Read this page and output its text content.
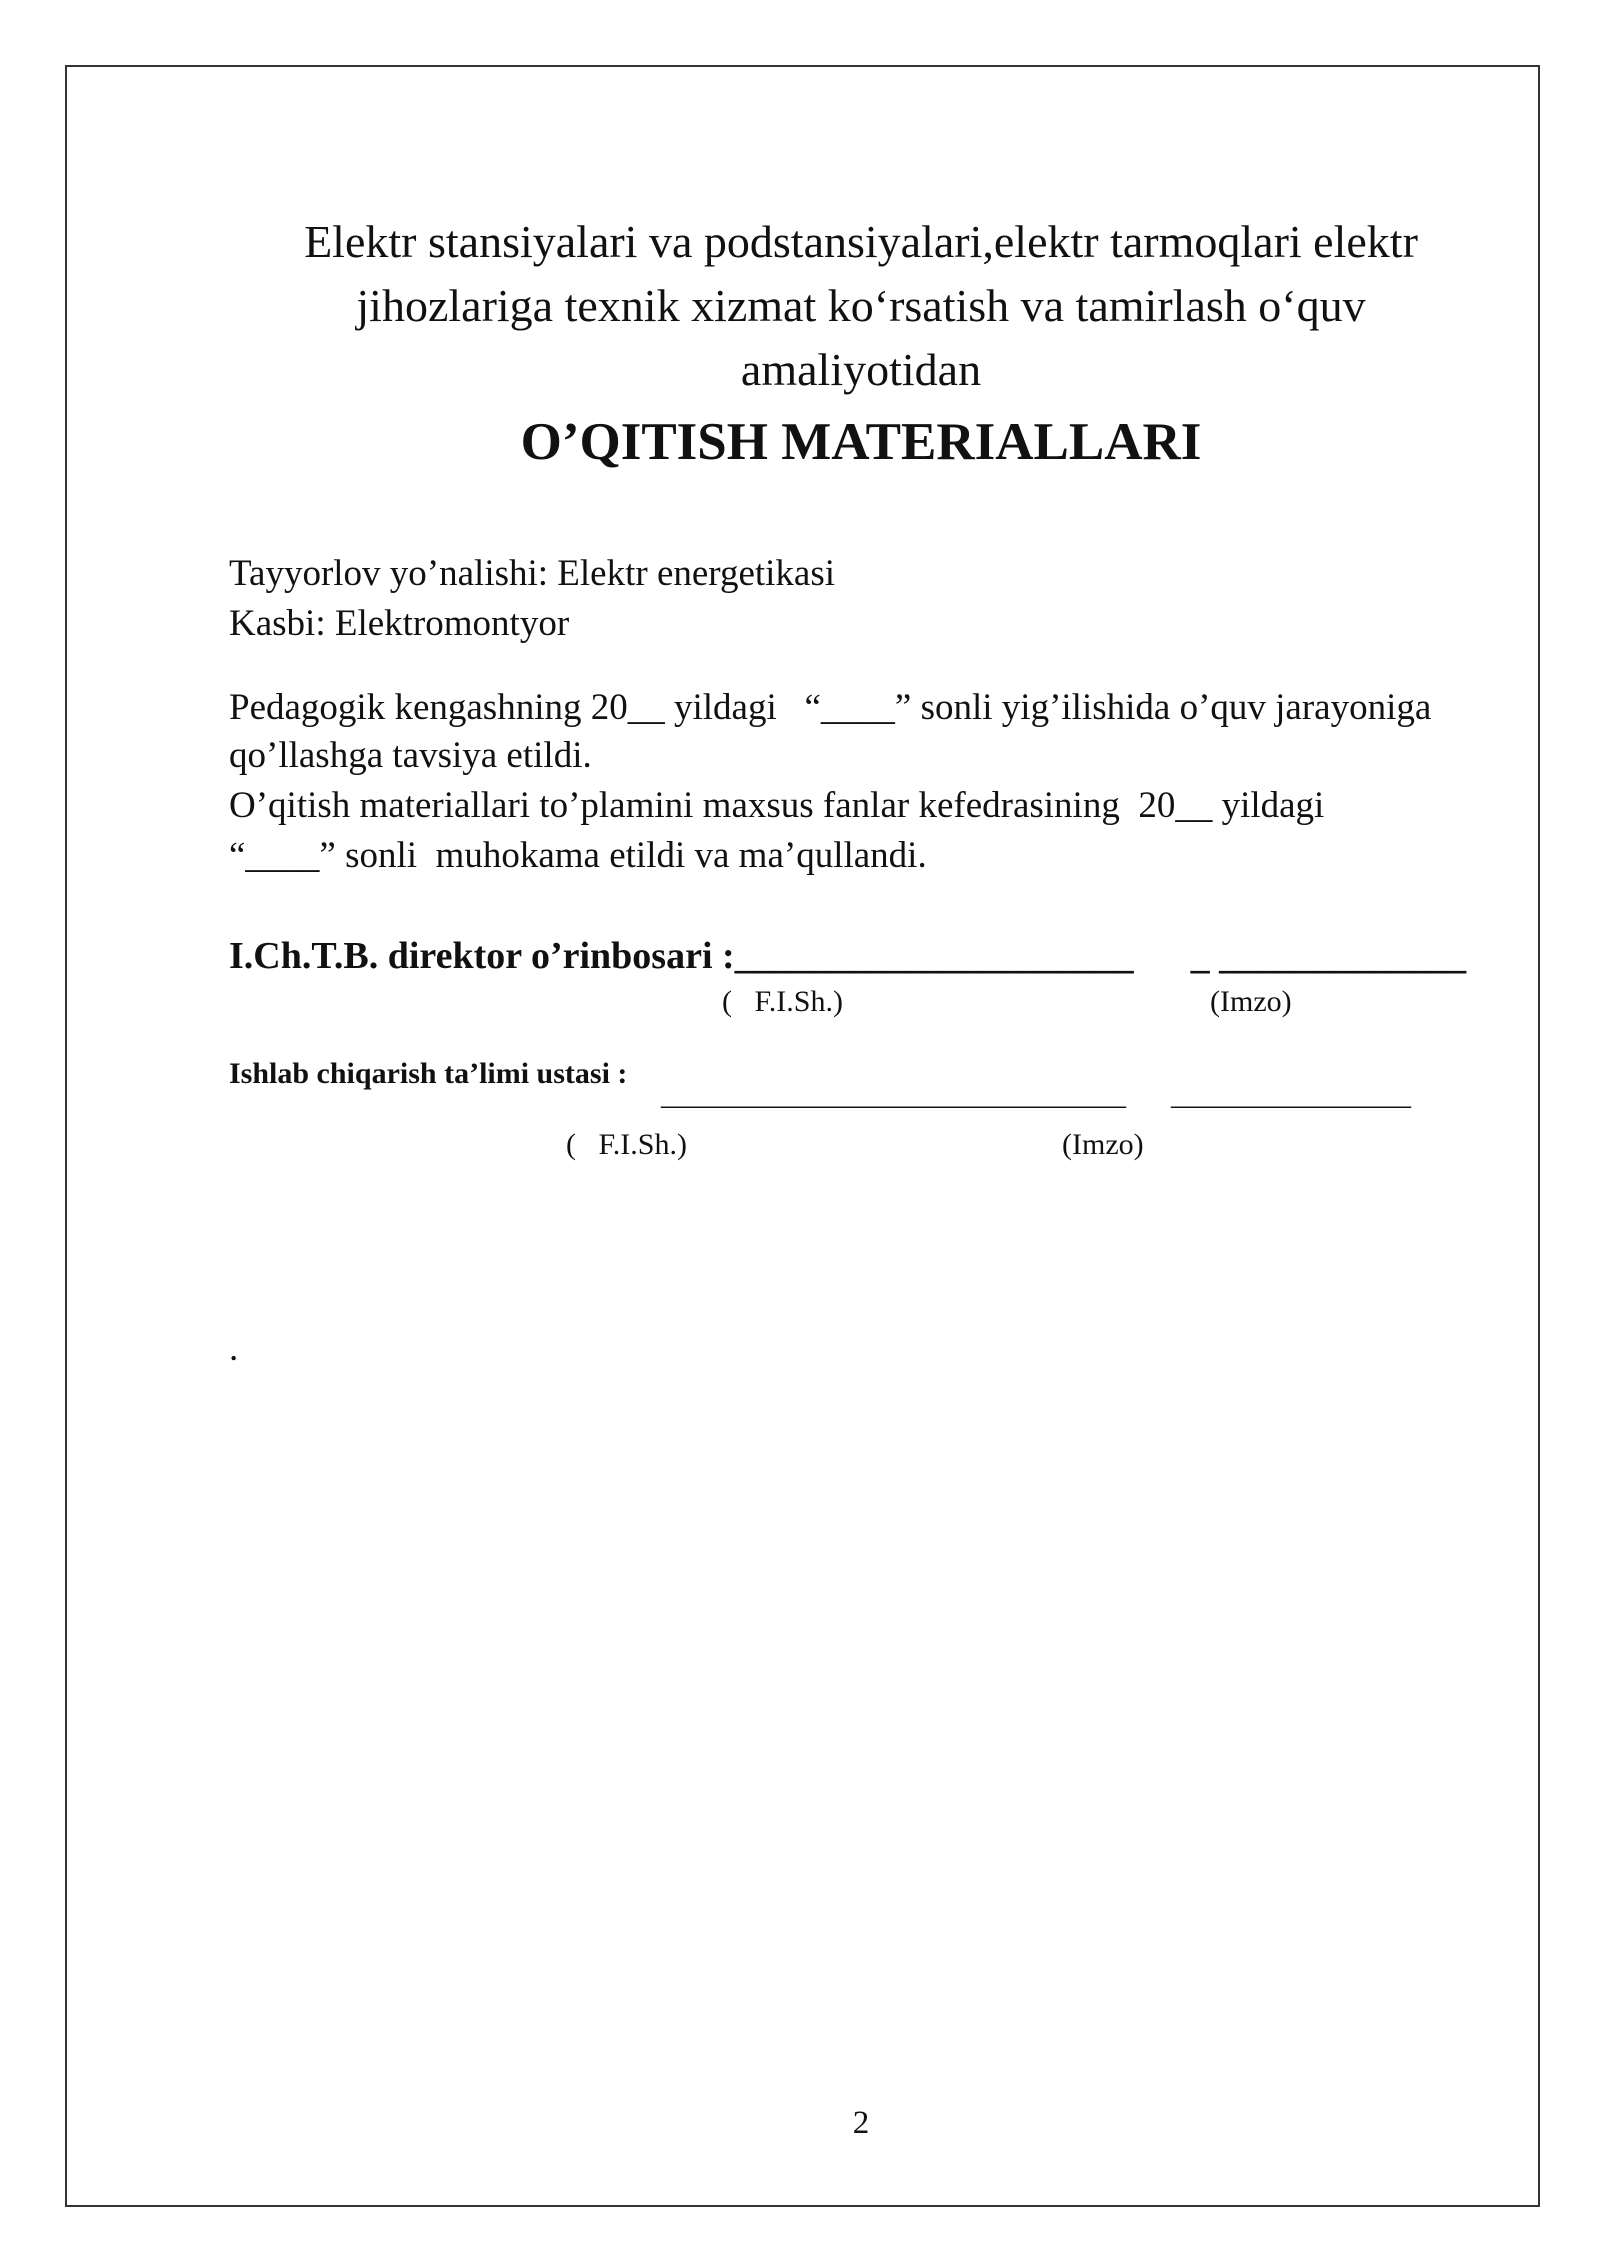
Elektr stansiyalari va podstansiyalari,elektr tarmoqlari elektr
jihozlariga texnik xizmat ko‘rsatish va tamirlash o‘quv
amaliyotidan
O’QITISH MATERIALLARI
Tayyorlov yo’nalishi: Elektr energetikasi
Kasbi: Elektromontyor
Pedagogik kengashning 20__ yildagi   “____” sonli yig’ilishida o’quv jarayoniga
qo’llashga tavsiya etildi.
O’qitish materiallari to’plamini maxsus fanlar kefedrasining  20__ yildagi
“____” sonli  muhokama etildi va ma’qullandi.
I.Ch.T.B. direktor o’rinbosari :_____________________      _ _____________
(   F.I.Sh.)	(Imzo)
Ishlab chiqarish ta’limi ustasi :
_______________________________ ________________
(   F.I.Sh.)	(Imzo)
.
2
